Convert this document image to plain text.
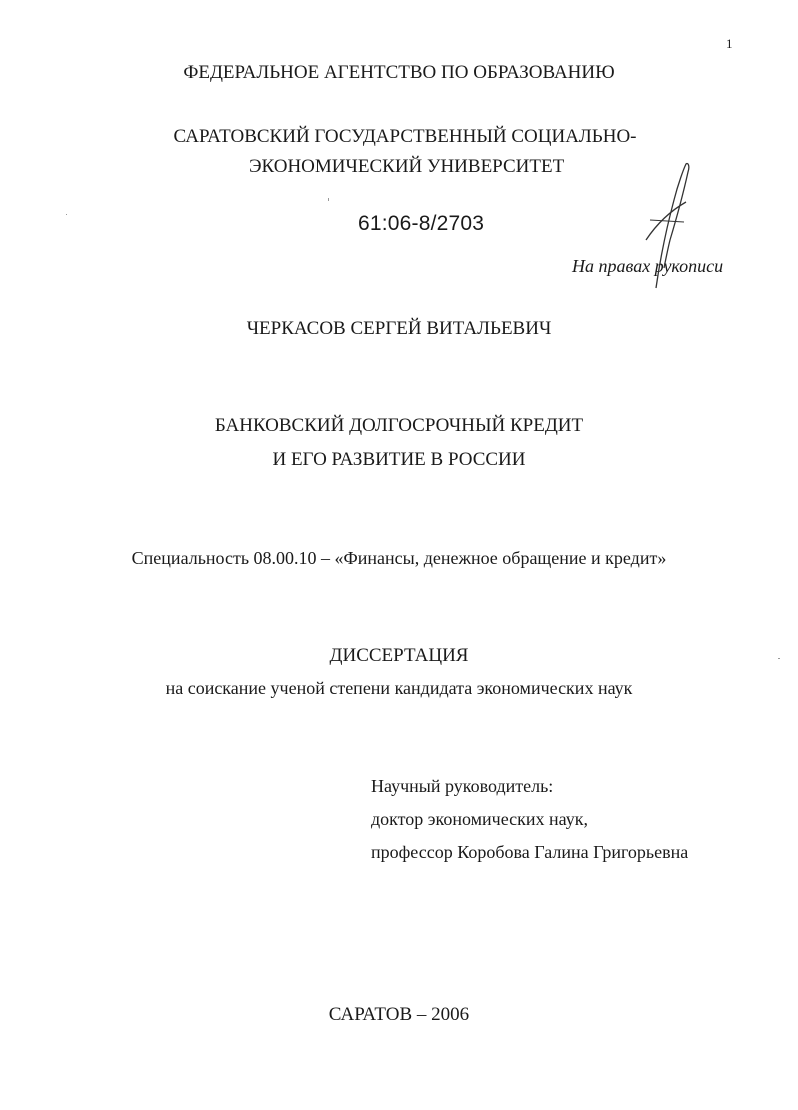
1
ФЕДЕРАЛЬНОЕ АГЕНТСТВО ПО ОБРАЗОВАНИЮ
САРАТОВСКИЙ ГОСУДАРСТВЕННЫЙ СОЦИАЛЬНО-
ЭКОНОМИЧЕСКИЙ УНИВЕРСИТЕТ
61:06-8/2703
На правах рукописи
ЧЕРКАСОВ СЕРГЕЙ ВИТАЛЬЕВИЧ
БАНКОВСКИЙ ДОЛГОСРОЧНЫЙ КРЕДИТ
И ЕГО РАЗВИТИЕ В РОССИИ
Специальность 08.00.10 – «Финансы, денежное обращение и кредит»
ДИССЕРТАЦИЯ
на соискание ученой степени кандидата экономических наук
Научный руководитель:
доктор экономических наук,
профессор Коробова Галина Григорьевна
САРАТОВ – 2006
